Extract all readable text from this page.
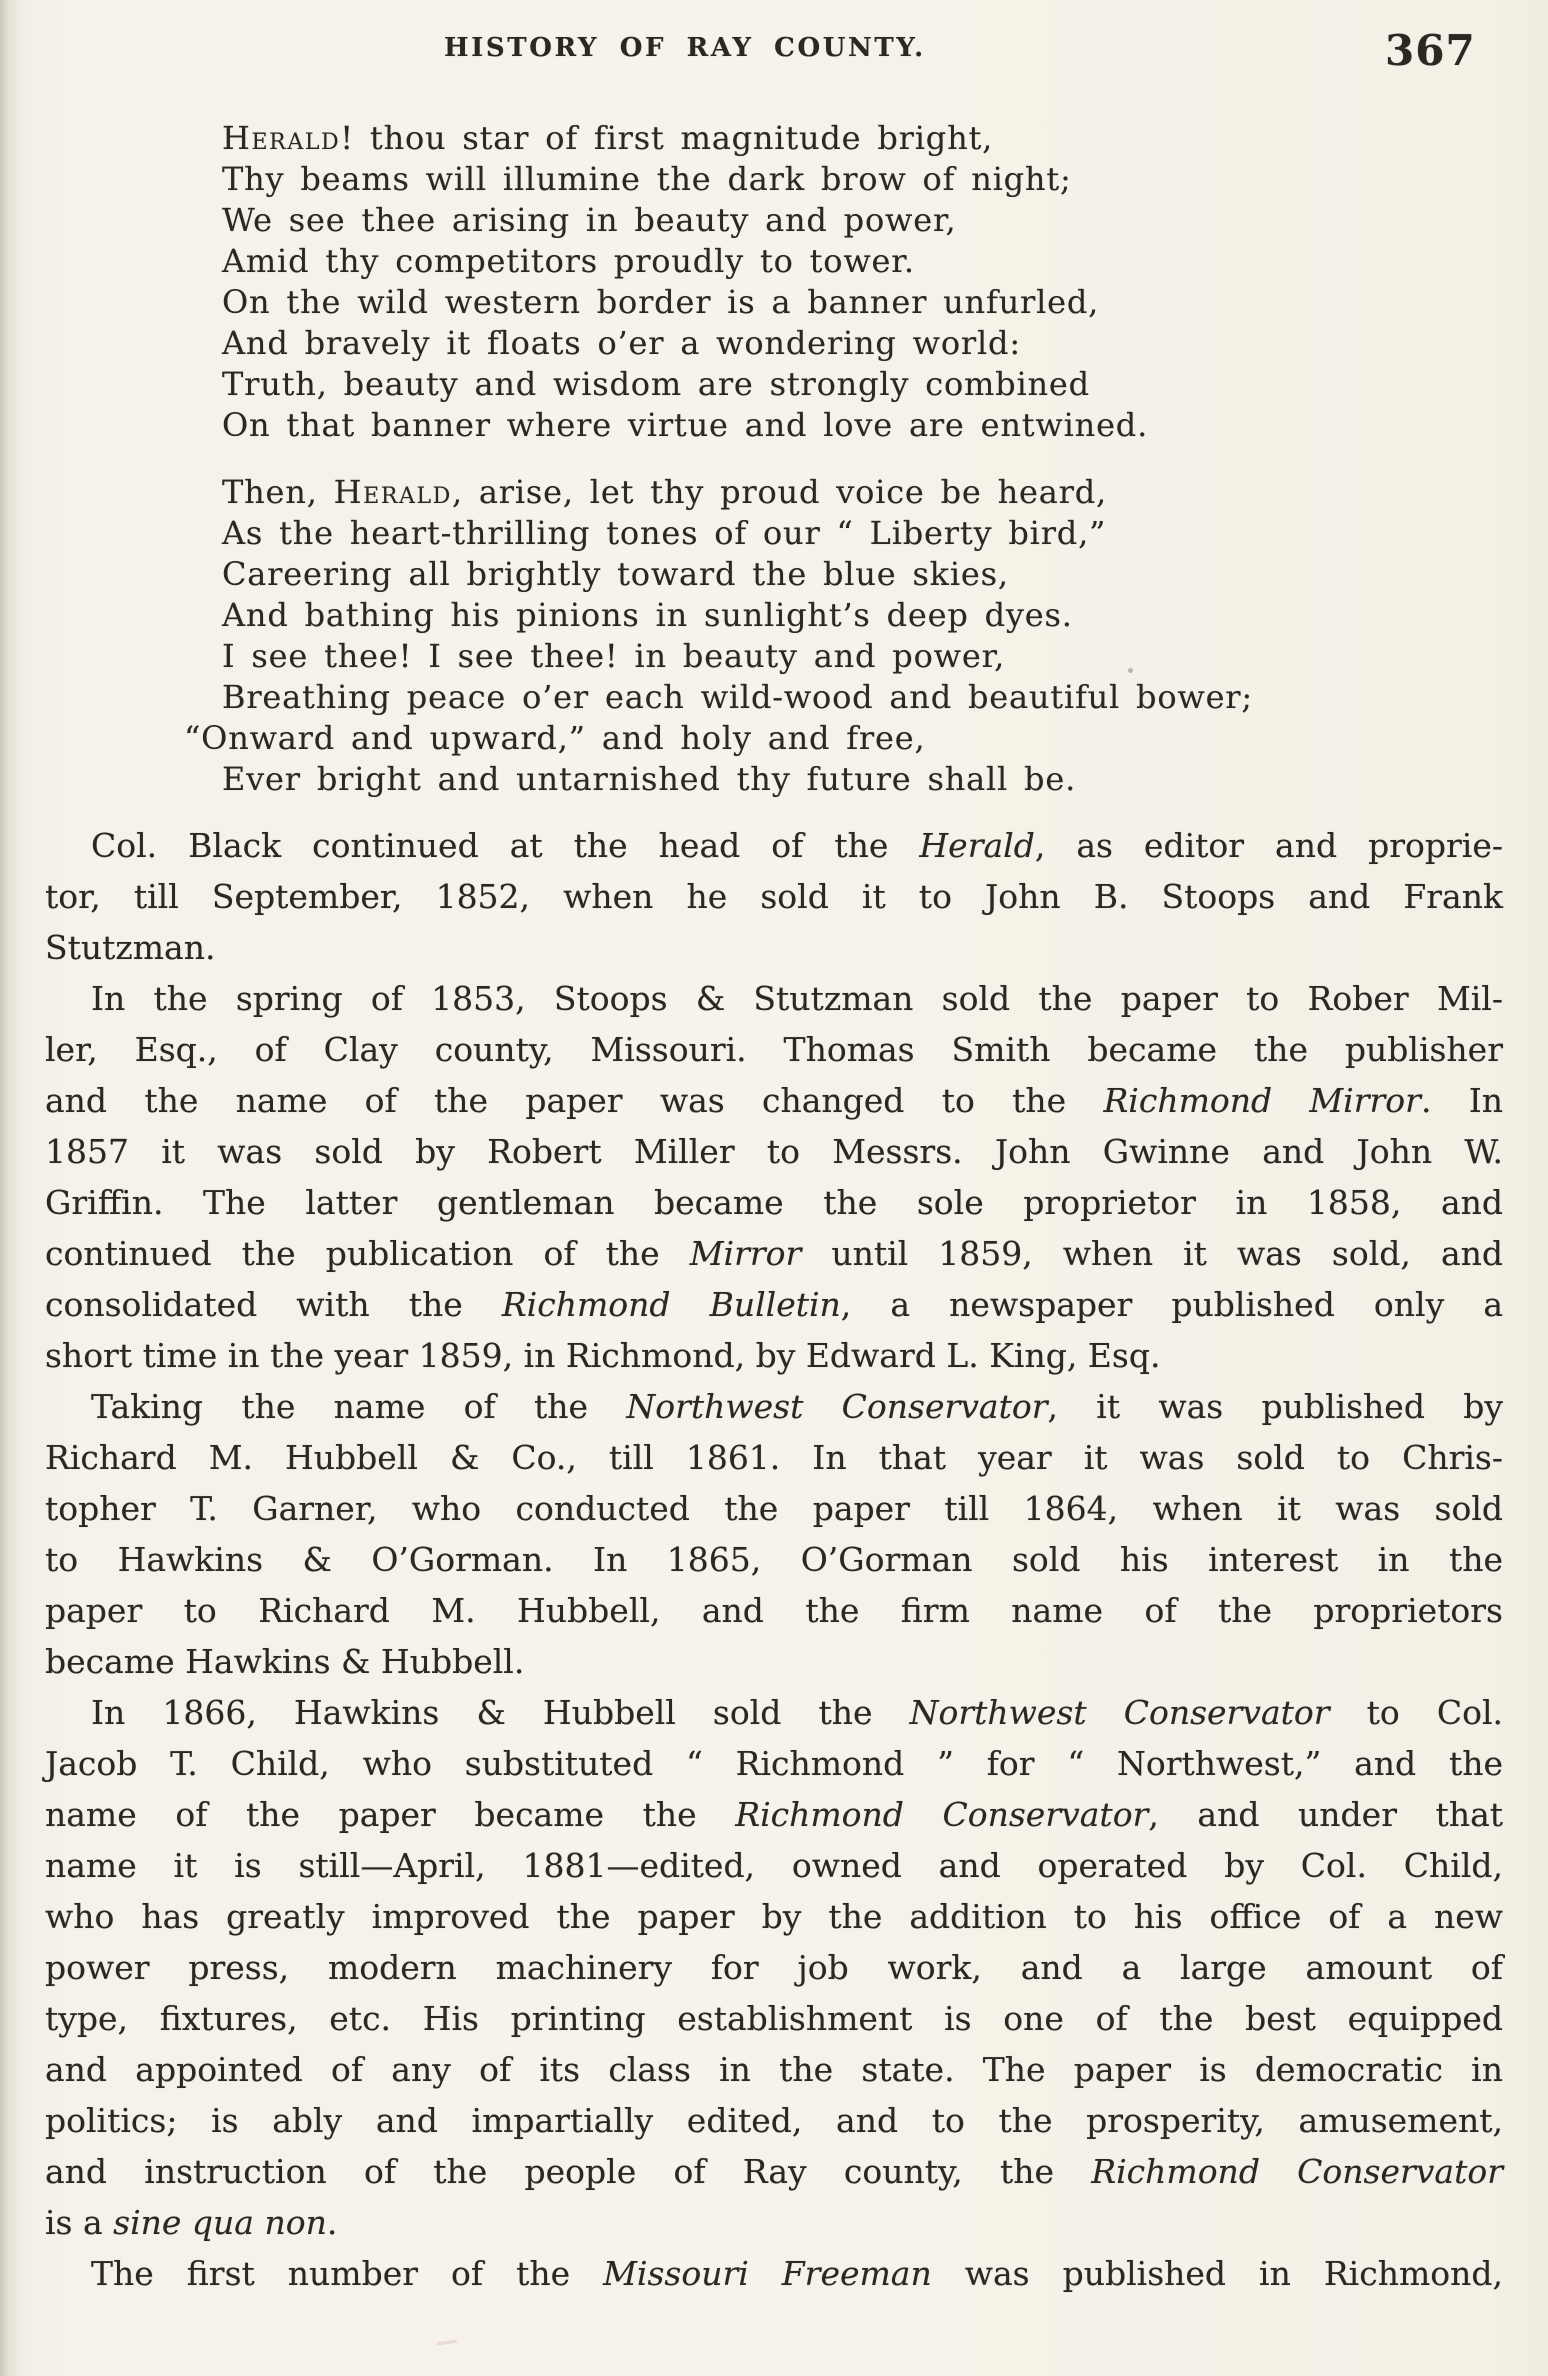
HISTORY OF RAY COUNTY.	367
Herald! thou star of first magnitude bright,
Thy beams will illumine the dark brow of night;
We see thee arising in beauty and power,
Amid thy competitors proudly to tower.
On the wild western border is a banner unfurled,
And bravely it floats o’er a wondering world:
Truth, beauty and wisdom are strongly combined
On that banner where virtue and love are entwined.
Then, Herald, arise, let thy proud voice be heard,
As the heart-thrilling tones of our “ Liberty bird,”
Careering all brightly toward the blue skies,
And bathing his pinions in sunlight’s deep dyes.
I see thee! I see thee! in beauty and power,
Breathing peace o’er each wild-wood and beautiful bower;
“Onward and upward,” and holy and free,
Ever bright and untarnished thy future shall be.
Col. Black continued at the head of the Herald, as editor and proprie-
tor, till September, 1852, when he sold it to John B. Stoops and Frank
Stutzman.
In the spring of 1853, Stoops & Stutzman sold the paper to Rober Mil-
ler, Esq., of Clay county, Missouri. Thomas Smith became the publisher
and the name of the paper was changed to the Richmond Mirror. In
1857 it was sold by Robert Miller to Messrs. John Gwinne and John W.
Griffin. The latter gentleman became the sole proprietor in 1858, and
continued the publication of the Mirror until 1859, when it was sold, and
consolidated with the Richmond Bulletin, a newspaper published only a
short time in the year 1859, in Richmond, by Edward L. King, Esq.
Taking the name of the Northwest Conservator, it was published by
Richard M. Hubbell & Co., till 1861. In that year it was sold to Chris-
topher T. Garner, who conducted the paper till 1864, when it was sold
to Hawkins & O’Gorman. In 1865, O’Gorman sold his interest in the
paper to Richard M. Hubbell, and the firm name of the proprietors
became Hawkins & Hubbell.
In 1866, Hawkins & Hubbell sold the Northwest Conservator to Col.
Jacob T. Child, who substituted “ Richmond ” for “ Northwest,” and the
name of the paper became the Richmond Conservator, and under that
name it is still—April, 1881—edited, owned and operated by Col. Child,
who has greatly improved the paper by the addition to his office of a new
power press, modern machinery for job work, and a large amount of
type, fixtures, etc. His printing establishment is one of the best equipped
and appointed of any of its class in the state. The paper is democratic in
politics; is ably and impartially edited, and to the prosperity, amusement,
and instruction of the people of Ray county, the Richmond Conservator
is a sine qua non.
The first number of the Missouri Freeman was published in Richmond,
